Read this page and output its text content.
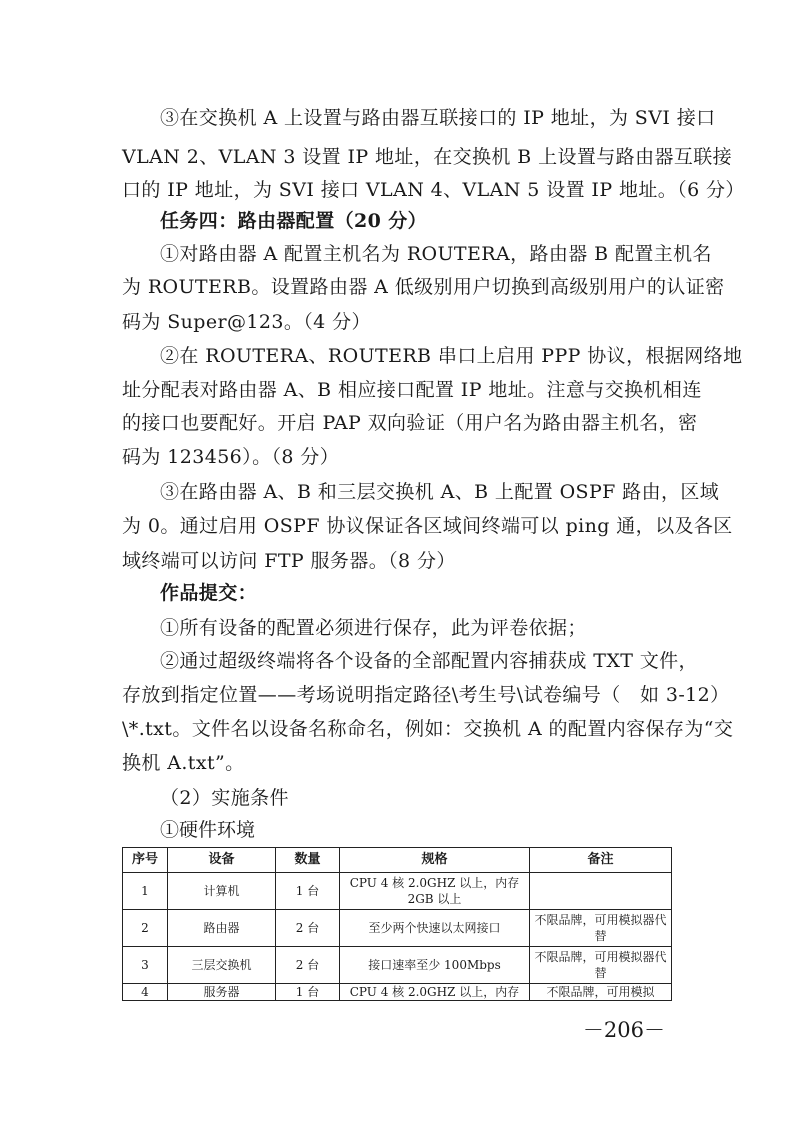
③在交换机 A 上设置与路由器互联接口的 IP 地址，为 SVI 接口
VLAN 2、VLAN 3 设置 IP 地址，在交换机 B 上设置与路由器互联接
口的 IP 地址，为 SVI 接口 VLAN 4、VLAN 5 设置 IP 地址。（6 分）
任务四：路由器配置（20 分）
①对路由器 A 配置主机名为 ROUTERA，路由器 B 配置主机名
为 ROUTERB。设置路由器 A 低级别用户切换到高级别用户的认证密
码为 Super@123。（4 分）
②在 ROUTERA、ROUTERB 串口上启用 PPP 协议，根据网络地
址分配表对路由器 A、B 相应接口配置 IP 地址。注意与交换机相连
的接口也要配好。开启 PAP 双向验证（用户名为路由器主机名，密
码为 123456）。（8 分）
③在路由器 A、B 和三层交换机 A、B 上配置 OSPF 路由，区域
为 0。通过启用 OSPF 协议保证各区域间终端可以 ping 通，以及各区
域终端可以访问 FTP 服务器。（8 分）
作品提交：
①所有设备的配置必须进行保存，此为评卷依据；
②通过超级终端将各个设备的全部配置内容捕获成 TXT 文件，
存放到指定位置——考场说明指定路径\考生号\试卷编号（　如 3-12）
\*.txt。文件名以设备名称命名，例如：交换机 A 的配置内容保存为“交
换机 A.txt”。
（2）实施条件
①硬件环境
序号	设备	数量	规格	备注
1	计算机	1 台	CPU 4 核 2.0GHZ 以上，内存 2GB 以上	
2	路由器	2 台	至少两个快速以太网接口	不限品牌，可用模拟器代替
3	三层交换机	2 台	接口速率至少 100Mbps	不限品牌，可用模拟器代替
4	服务器	1 台	CPU 4 核 2.0GHZ 以上，内存	不限品牌，可用模拟
－206－
